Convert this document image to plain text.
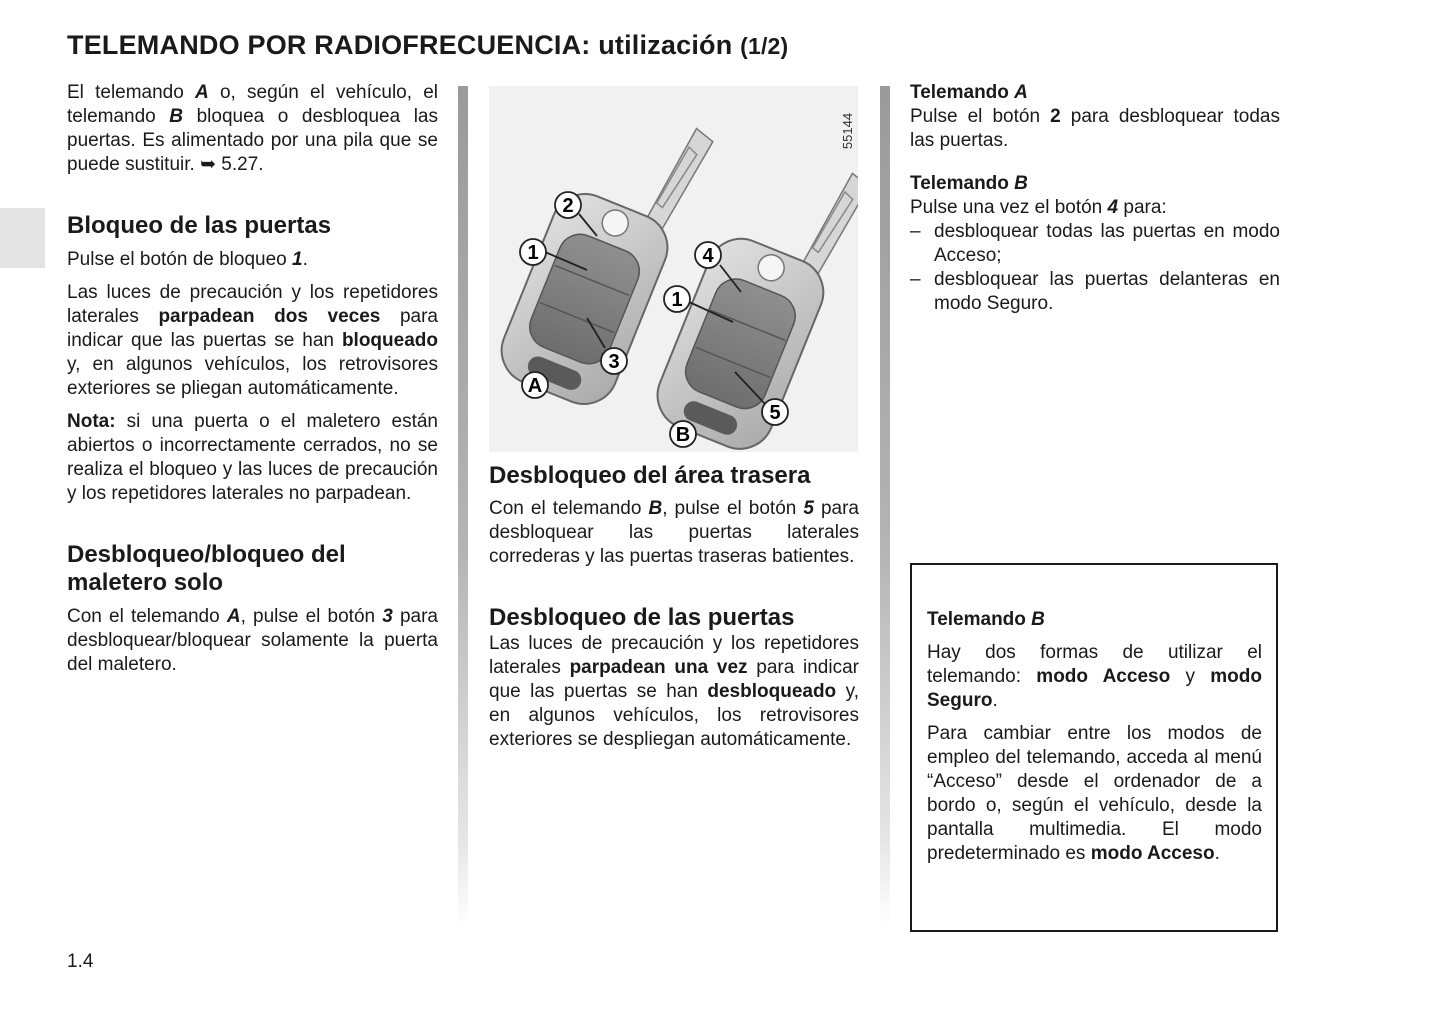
TELEMANDO POR RADIOFRECUENCIA: utilización (1/2)

El telemando A o, según el vehículo, el telemando B bloquea o desbloquea las puertas. Es alimentado por una pila que se puede sustituir. ➥ 5.27.

Bloqueo de las puertas

Pulse el botón de bloqueo 1.

Las luces de precaución y los repetidores laterales parpadean dos veces para indicar que las puertas se han bloqueado y, en algunos vehículos, los retrovisores exteriores se pliegan automáticamente.

Nota: si una puerta o el maletero están abiertos o incorrectamente cerrados, no se realiza el bloqueo y las luces de precaución y los repetidores laterales no parpadean.

Desbloqueo/bloqueo del maletero solo

Con el telemando A, pulse el botón 3 para desbloquear/bloquear solamente la puerta del maletero.

55144
2
1
3
A
4
1
5
B
Desbloqueo del área trasera

Con el telemando B, pulse el botón 5 para desbloquear las puertas laterales correderas y las puertas traseras batientes.

Desbloqueo de las puertas

Las luces de precaución y los repetidores laterales parpadean una vez para indicar que las puertas se han desbloqueado y, en algunos vehículos, los retrovisores exteriores se despliegan automáticamente.

Telemando A

Pulse el botón 2 para desbloquear todas las puertas.

Telemando B

Pulse una vez el botón 4 para:

– desbloquear todas las puertas en modo Acceso;
– desbloquear las puertas delanteras en modo Seguro.
Telemando B

Hay dos formas de utilizar el telemando: modo Acceso y modo Seguro.

Para cambiar entre los modos de empleo del telemando, acceda al menú “Acceso” desde el ordenador de a bordo o, según el vehículo, desde la pantalla multimedia. El modo predeterminado es modo Acceso.

1.4
